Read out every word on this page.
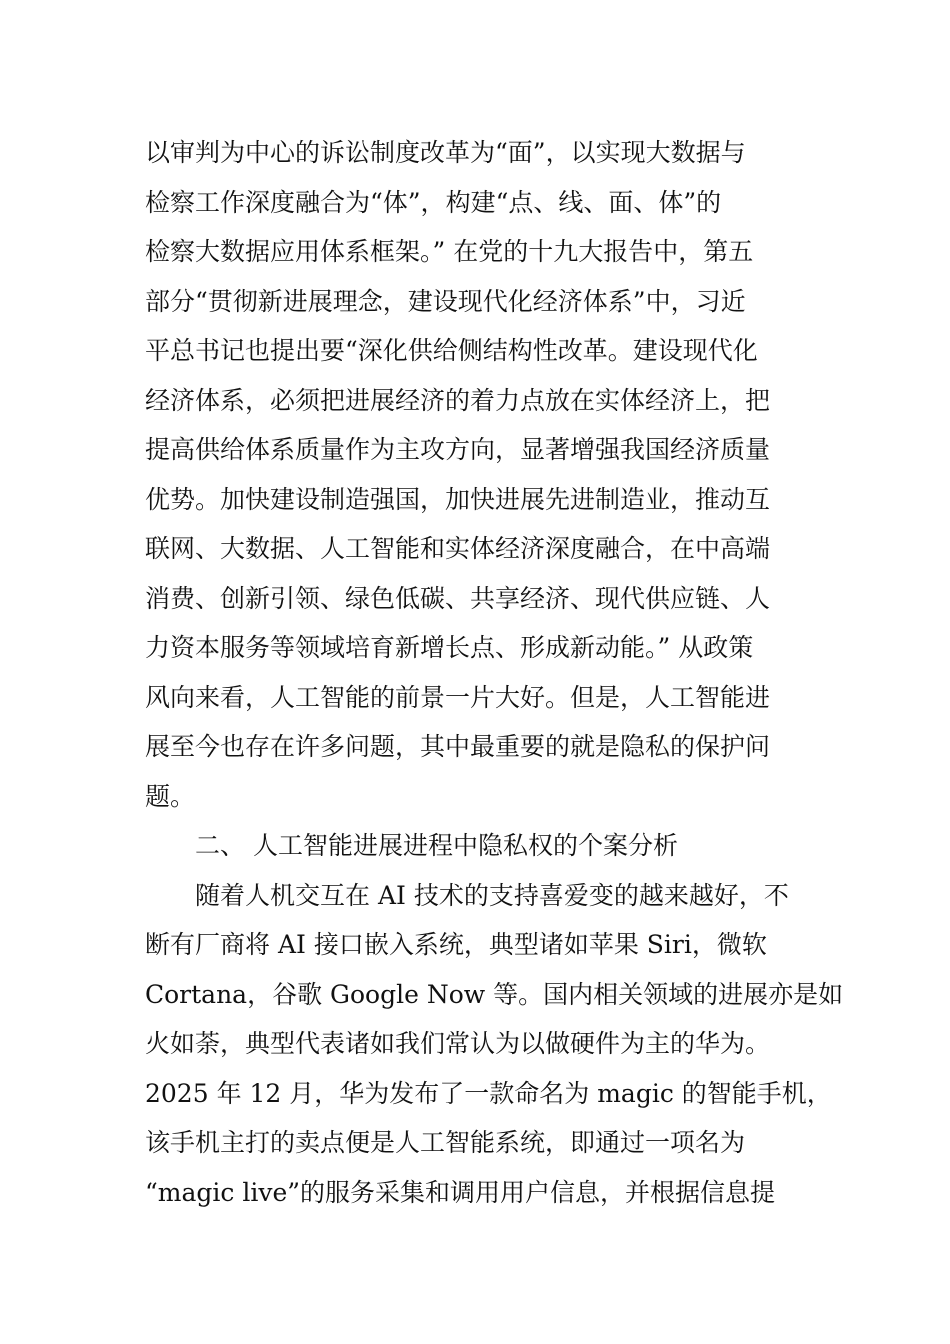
以审判为中心的诉讼制度改革为“面”，以实现大数据与
检察工作深度融合为“体”，构建“点、线、面、体”的
检察大数据应用体系框架。” 在党的十九大报告中，第五
部分“贯彻新进展理念，建设现代化经济体系”中，习近
平总书记也提出要“深化供给侧结构性改革。建设现代化
经济体系，必须把进展经济的着力点放在实体经济上，把
提高供给体系质量作为主攻方向，显著增强我国经济质量
优势。加快建设制造强国，加快进展先进制造业，推动互
联网、大数据、人工智能和实体经济深度融合，在中高端
消费、创新引领、绿色低碳、共享经济、现代供应链、人
力资本服务等领域培育新增长点、形成新动能。” 从政策
风向来看，人工智能的前景一片大好。但是，人工智能进
展至今也存在许多问题，其中最重要的就是隐私的保护问
题。
二、 人工智能进展进程中隐私权的个案分析
随着人机交互在 AI 技术的支持喜爱变的越来越好，不
断有厂商将 AI 接口嵌入系统，典型诸如苹果 Siri，微软
Cortana，谷歌 Google Now 等。国内相关领域的进展亦是如
火如荼，典型代表诸如我们常认为以做硬件为主的华为。
2025 年 12 月，华为发布了一款命名为 magic 的智能手机，
该手机主打的卖点便是人工智能系统，即通过一项名为
“magic live”的服务采集和调用用户信息，并根据信息提
